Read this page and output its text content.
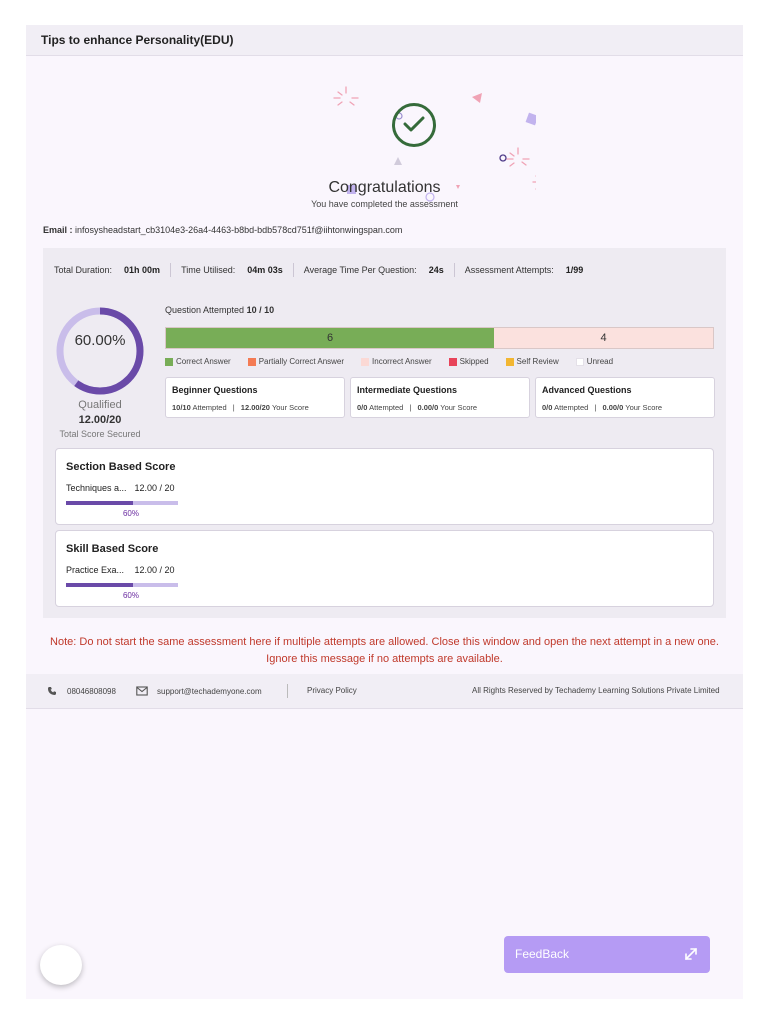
Tips to enhance Personality(EDU)
Congratulations
You have completed the assessment
Email : infosysheadstart_cb3104e3-26a4-4463-b8bd-bdb578cd751f@iihtonwingspan.com
Total Duration: 01h 00m Time Utilised: 04m 03s Average Time Per Question: 24s Assessment Attempts: 1/99
60.00%
Qualified
12.00/20
Total Score Secured
Question Attempted 10 / 10
6	4
Correct Answer	Partially Correct Answer	Incorrect Answer	Skipped	Self Review	Unread
Beginner Questions
10/10 Attempted | 12.00/20 Your Score
Intermediate Questions
0/0 Attempted | 0.00/0 Your Score
Advanced Questions
0/0 Attempted | 0.00/0 Your Score
Section Based Score
Techniques a... 12.00 / 20
60%
Skill Based Score
Practice Exa... 12.00 / 20
60%
Note: Do not start the same assessment here if multiple attempts are allowed. Close this window and open the next attempt in a new one. Ignore this message if no attempts are available.
08046808098	support@techademyone.com	Privacy Policy	All Rights Reserved by Techademy Learning Solutions Private Limited
FeedBack
